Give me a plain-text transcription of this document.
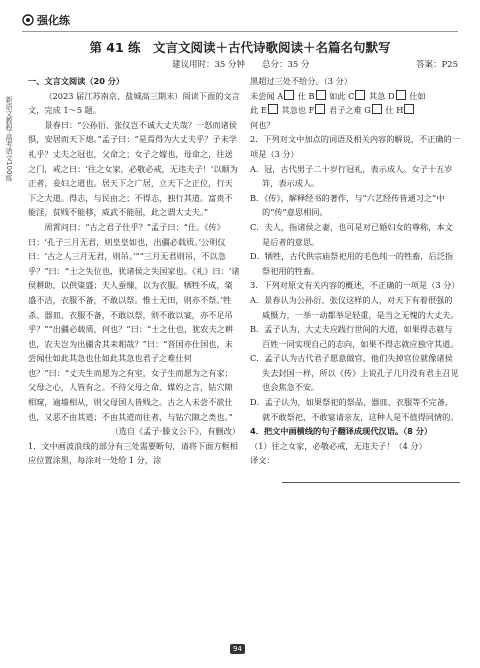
强化练
第 41 练　文言文阅读＋古代诗歌阅读＋名篇名句默写
建议用时：35 分钟 总分：35 分	答案：P25
新语文教程·高考语文100练

一、文言文阅读（20 分）

（2023 届江苏南京、盐城高三期末）阅读下面的文言文，完成 1～5 题。

景春曰：“公孙衍、张仪岂不诚大丈夫哉？一怒而诸侯惧，安居而天下熄。”孟子曰：“是焉得为大丈夫乎？子未学礼乎？丈夫之冠也，父命之；女子之嫁也，母命之，往送之门，戒之曰：‘往之女家，必敬必戒，无违夫子！’以顺为正者，妾妇之道也。居天下之广居，立天下之正位，行天下之大道。得志，与民由之；不得志，独行其道。富贵不能淫，贫贱不能移，威武不能屈，此之谓大丈夫。”

周霄问曰：“古之君子仕乎？”孟子曰：“仕。《传》曰：‘孔子三月无君，则皇皇如也，出疆必载质。’公明仪曰：‘古之人三月无君，则吊。’”“三月无君则吊，不以急乎？”曰：“士之失位也，犹诸侯之失国家也。《礼》曰：‘诸侯耕助，以供粢盛；夫人蚕缫，以为衣服。牺牲不成，粢盛不洁，衣服不备，不敢以祭。惟士无田，则亦不祭。’牲杀、器皿、衣服不备，不敢以祭，则不敢以宴，亦不足吊乎？”“出疆必载质，何也？”曰：“士之仕也，犹农夫之耕也，农夫岂为出疆舍其耒耜哉？”曰：“晋国亦仕国也，未尝闻仕如此其急也仕如此其急也君子之难仕何也？”曰：“丈夫生而愿为之有室，女子生而愿为之有家；父母之心，人皆有之。不待父母之命、媒妁之言，钻穴隙相窥，逾墙相从，则父母国人皆贱之。古之人未尝不欲仕也，又恶不由其道；不由其道而往者，与钻穴隙之类也。”

（选自《孟子·滕文公下》，有删改）

1．文中画波浪线的部分有三处需要断句，请将下面方框相应位置涂黑，每涂对一处给 1 分，涂

黑超过三处不给分。（3 分）

未尝闻 A 仕 B 如此 C 其急 D 仕如

此 E 其急也 F 君子之难 G 仕 H

何也？

2．下列对文中加点的词语及相关内容的解说，不正确的一项是（3 分）

A．冠，古代男子二十岁行冠礼，表示成人。女子十五岁笄，表示成人。

B．《传》，解释经书的著作，与“六艺经传皆通习之”中的“传”意思相同。

C．夫人，指诸侯之妻，也可是对已婚妇女的尊称，本文是后者的意思。

D．牺牲，古代供宗庙祭祀用的毛色纯一的牲畜，后泛指祭祀用的牲畜。

3．下列对原文有关内容的概述，不正确的一项是（3 分）

A．景春认为公孙衍、张仪这样的人，对天下有着很强的威慑力，一举一动都举足轻重，是当之无愧的大丈夫。

B．孟子认为，大丈夫应践行世间的大道，如果得志就与百姓一同实现自己的志向，如果不得志就应独守其道。

C．孟子认为古代君子愿意做官，他们失掉官位就像诸侯失去封国一样，所以《传》上说孔子几月没有君主召见也会焦急不安。

D．孟子认为，如果祭祀的祭品、器皿、衣服等不完备，就不敢祭祀，不敢宴请亲友，这种人是不值得同情的。

4．把文中画横线的句子翻译成现代汉语。（8 分）

（1）往之女家，必敬必戒，无违夫子！（4 分）

译文：

94
